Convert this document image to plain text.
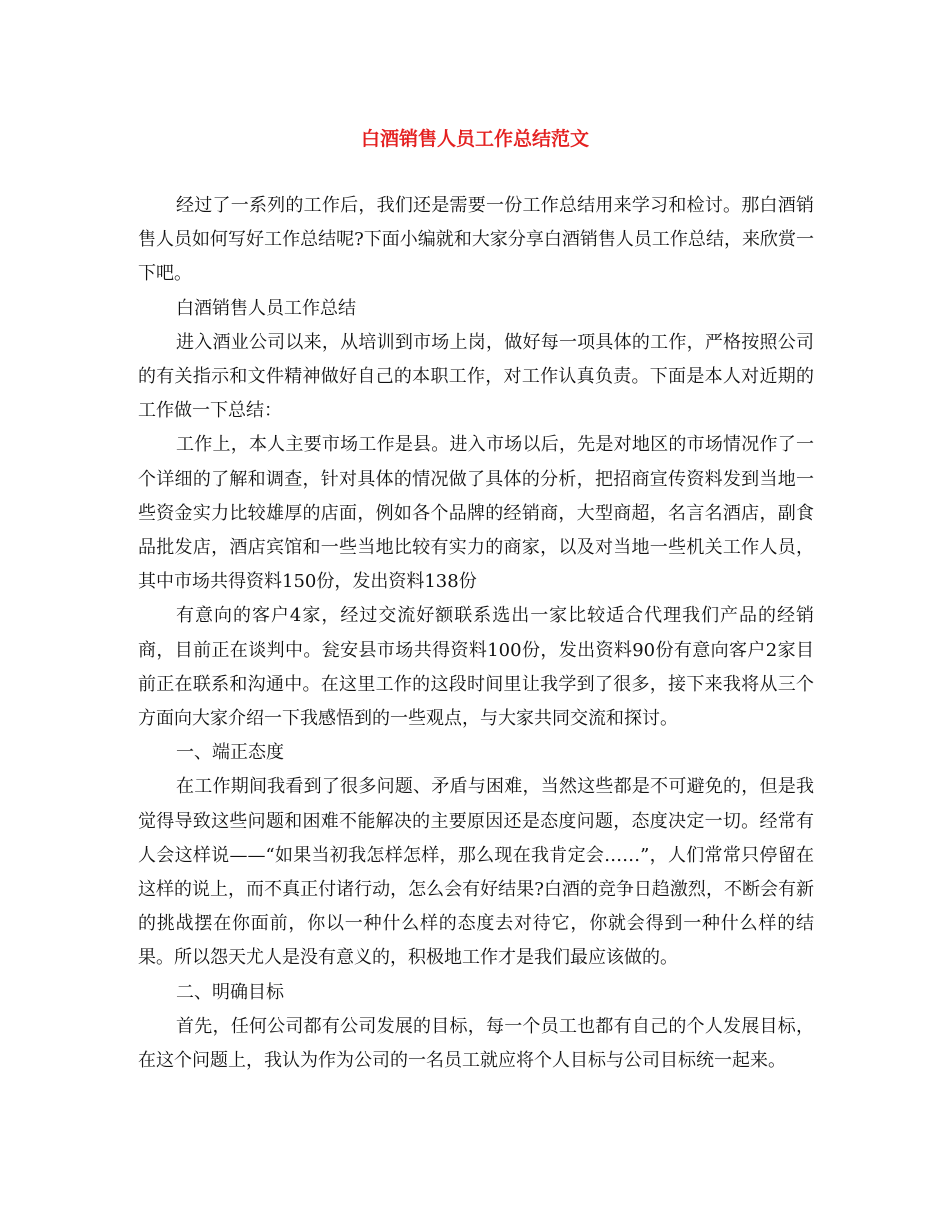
白酒销售人员工作总结范文

经过了一系列的工作后，我们还是需要一份工作总结用来学习和检讨。那白酒销售人员如何写好工作总结呢?下面小编就和大家分享白酒销售人员工作总结，来欣赏一下吧。

白酒销售人员工作总结

进入酒业公司以来，从培训到市场上岗，做好每一项具体的工作，严格按照公司的有关指示和文件精神做好自己的本职工作，对工作认真负责。下面是本人对近期的工作做一下总结：

工作上，本人主要市场工作是县。进入市场以后，先是对地区的市场情况作了一个详细的了解和调查，针对具体的情况做了具体的分析，把招商宣传资料发到当地一些资金实力比较雄厚的店面，例如各个品牌的经销商，大型商超，名言名酒店，副食品批发店，酒店宾馆和一些当地比较有实力的商家，以及对当地一些机关工作人员，其中市场共得资料150份，发出资料138份

有意向的客户4家，经过交流好额联系选出一家比较适合代理我们产品的经销商，目前正在谈判中。瓮安县市场共得资料100份，发出资料90份有意向客户2家目前正在联系和沟通中。在这里工作的这段时间里让我学到了很多，接下来我将从三个方面向大家介绍一下我感悟到的一些观点，与大家共同交流和探讨。

一、端正态度

在工作期间我看到了很多问题、矛盾与困难，当然这些都是不可避免的，但是我觉得导致这些问题和困难不能解决的主要原因还是态度问题，态度决定一切。经常有人会这样说——“如果当初我怎样怎样，那么现在我肯定会……”，人们常常只停留在这样的说上，而不真正付诸行动，怎么会有好结果?白酒的竞争日趋激烈，不断会有新的挑战摆在你面前，你以一种什么样的态度去对待它，你就会得到一种什么样的结果。所以怨天尤人是没有意义的，积极地工作才是我们最应该做的。

二、明确目标

首先，任何公司都有公司发展的目标，每一个员工也都有自己的个人发展目标，在这个问题上，我认为作为公司的一名员工就应将个人目标与公司目标统一起来。
